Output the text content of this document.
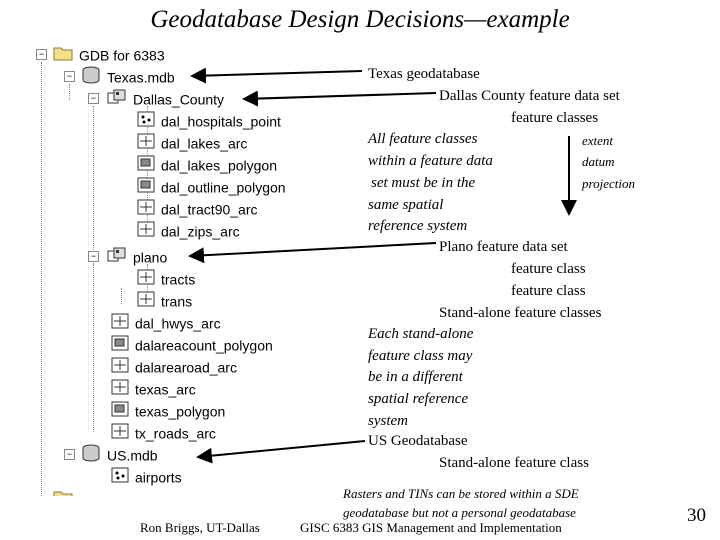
Geodatabase Design Decisions—example
−	GDB for 6383
−	Texas.mdb
−	Dallas_County
dal_hospitals_point
dal_lakes_arc
dal_lakes_polygon
dal_outline_polygon
dal_tract90_arc
dal_zips_arc
−	plano
tracts
trans
dal_hwys_arc
dalareacount_polygon
dalarearoad_arc
texas_arc
texas_polygon
tx_roads_arc
−	US.mdb
airports
Texas geodatabase
Dallas County feature data set
feature classes
All feature classes
within a feature data
set must be in the
same spatial
reference system
extent
datum
projection
Plano feature data set
feature class
feature class
Stand-alone feature classes
Each stand-alone
feature class may
be in a different
spatial reference
system
US Geodatabase
Stand-alone feature class
Rasters and TINs can be stored within a SDE
geodatabase but not a personal geodatabase
Ron Briggs, UT-Dallas	GISC 6383 GIS Management and Implementation
30
